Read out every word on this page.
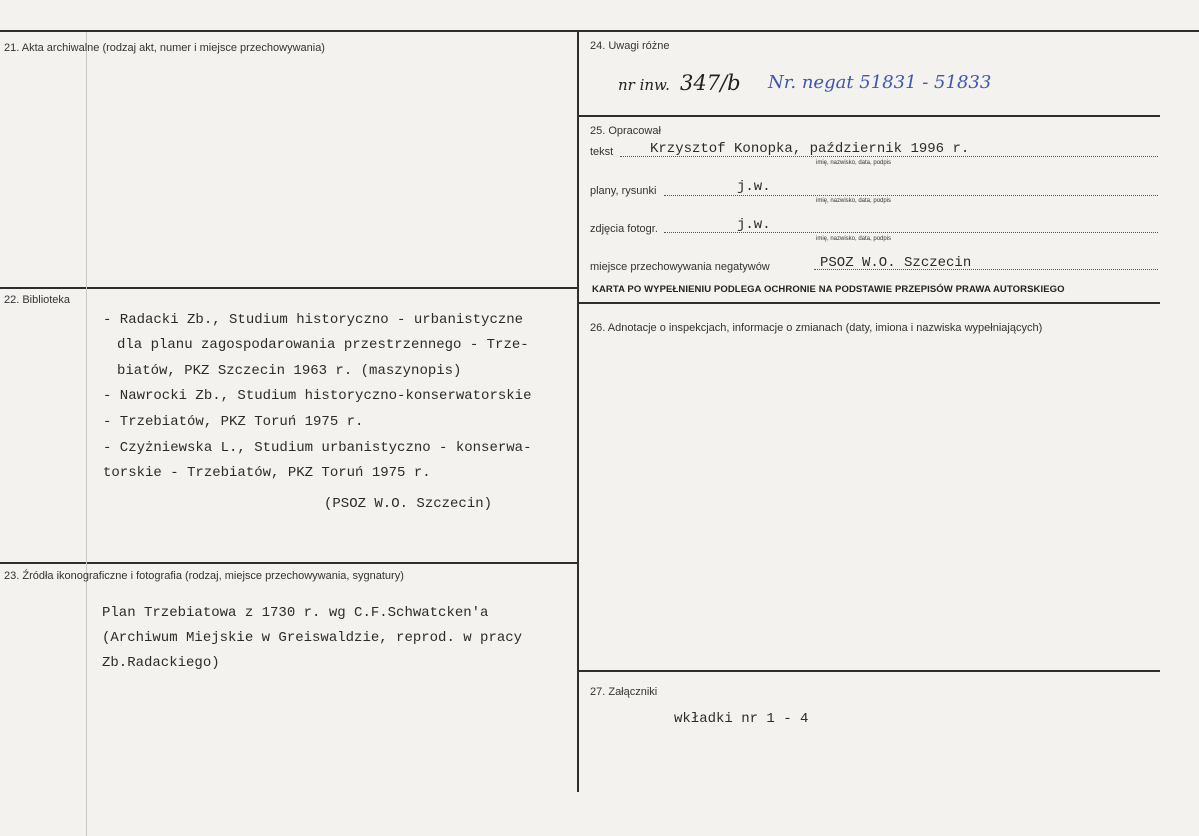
21. Akta archiwalne (rodzaj akt, numer i miejsce przechowywania)
22. Biblioteka
- Radacki Zb., Studium historyczno - urbanistyczne
dla planu zagospodarowania przestrzennego - Trze-
biatów, PKZ Szczecin 1963 r. (maszynopis)
- Nawrocki Zb., Studium historyczno-konserwatorskie
- Trzebiatów, PKZ Toruń 1975 r.
- Czyżniewska L., Studium urbanistyczno - konserwa-
torskie - Trzebiatów, PKZ Toruń 1975 r.
(PSOZ W.O. Szczecin)
23. Źródła ikonograficzne i fotografia (rodzaj, miejsce przechowywania, sygnatury)
Plan Trzebiatowa z 1730 r. wg C.F.Schwatcken'a
(Archiwum Miejskie w Greiswaldzie, reprod. w pracy
Zb.Radackiego)
24. Uwagi różne
nr inw. 347/b Nr. negat 51831 - 51833
25. Opracował
tekst	Krzysztof Konopka, październik 1996 r.
imię, nazwisko, data, podpis
plany, rysunki	j.w.
imię, nazwisko, data, podpis
zdjęcia fotogr.	j.w.
imię, nazwisko, data, podpis
miejsce przechowywania negatywów	PSOZ W.O. Szczecin
KARTA PO WYPEŁNIENIU PODLEGA OCHRONIE NA PODSTAWIE PRZEPISÓW PRAWA AUTORSKIEGO
26. Adnotacje o inspekcjach, informacje o zmianach (daty, imiona i nazwiska wypełniających)
27. Załączniki
wkładki nr 1 - 4
